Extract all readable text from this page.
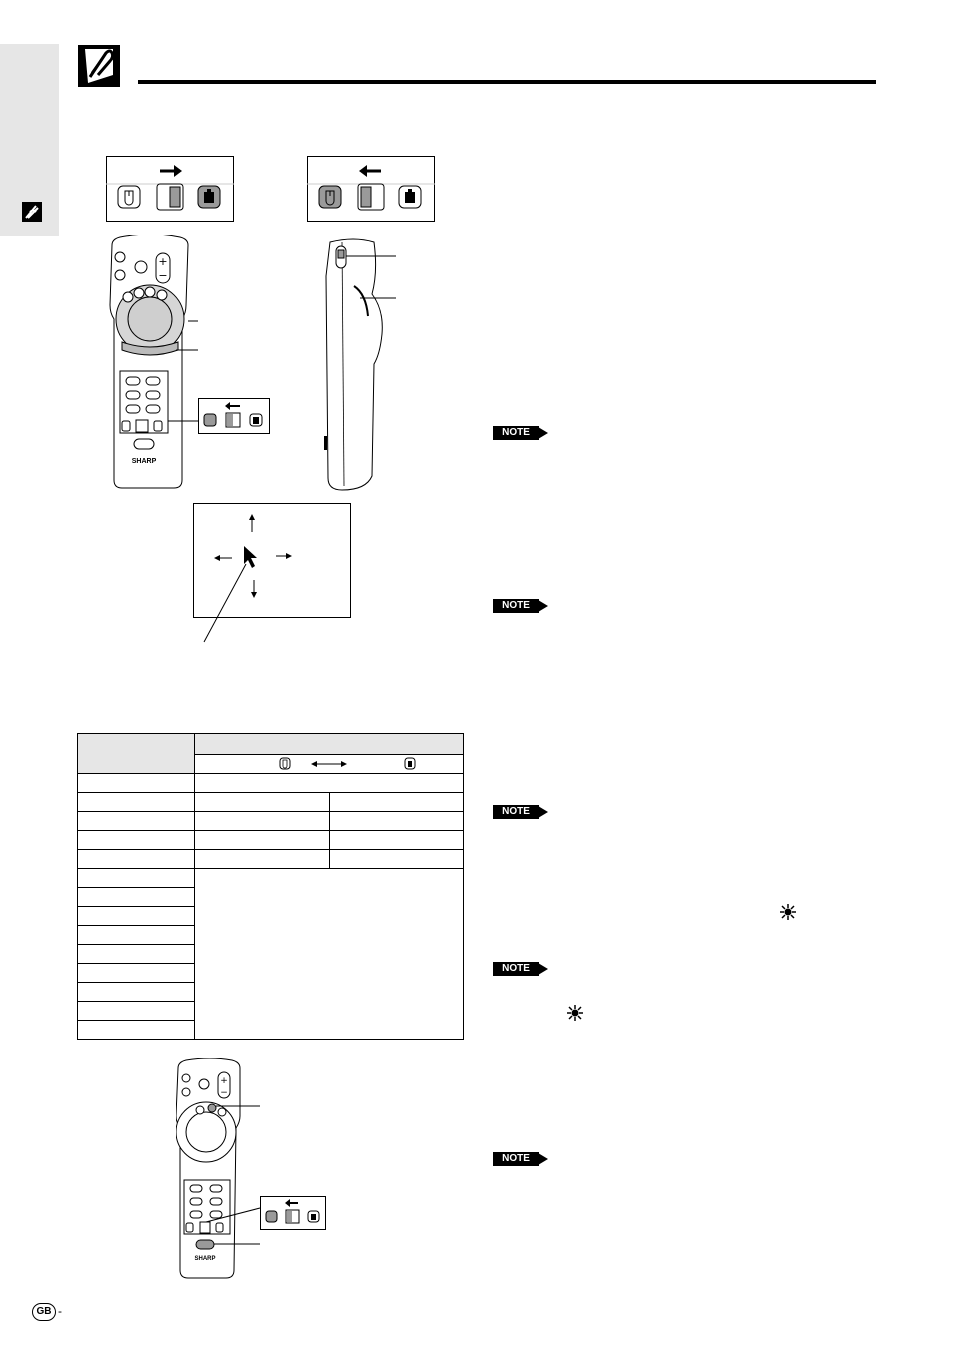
+
−
SHARP
NOTE
NOTE
NOTE
NOTE
NOTE

+
−
SHARP
GB -
